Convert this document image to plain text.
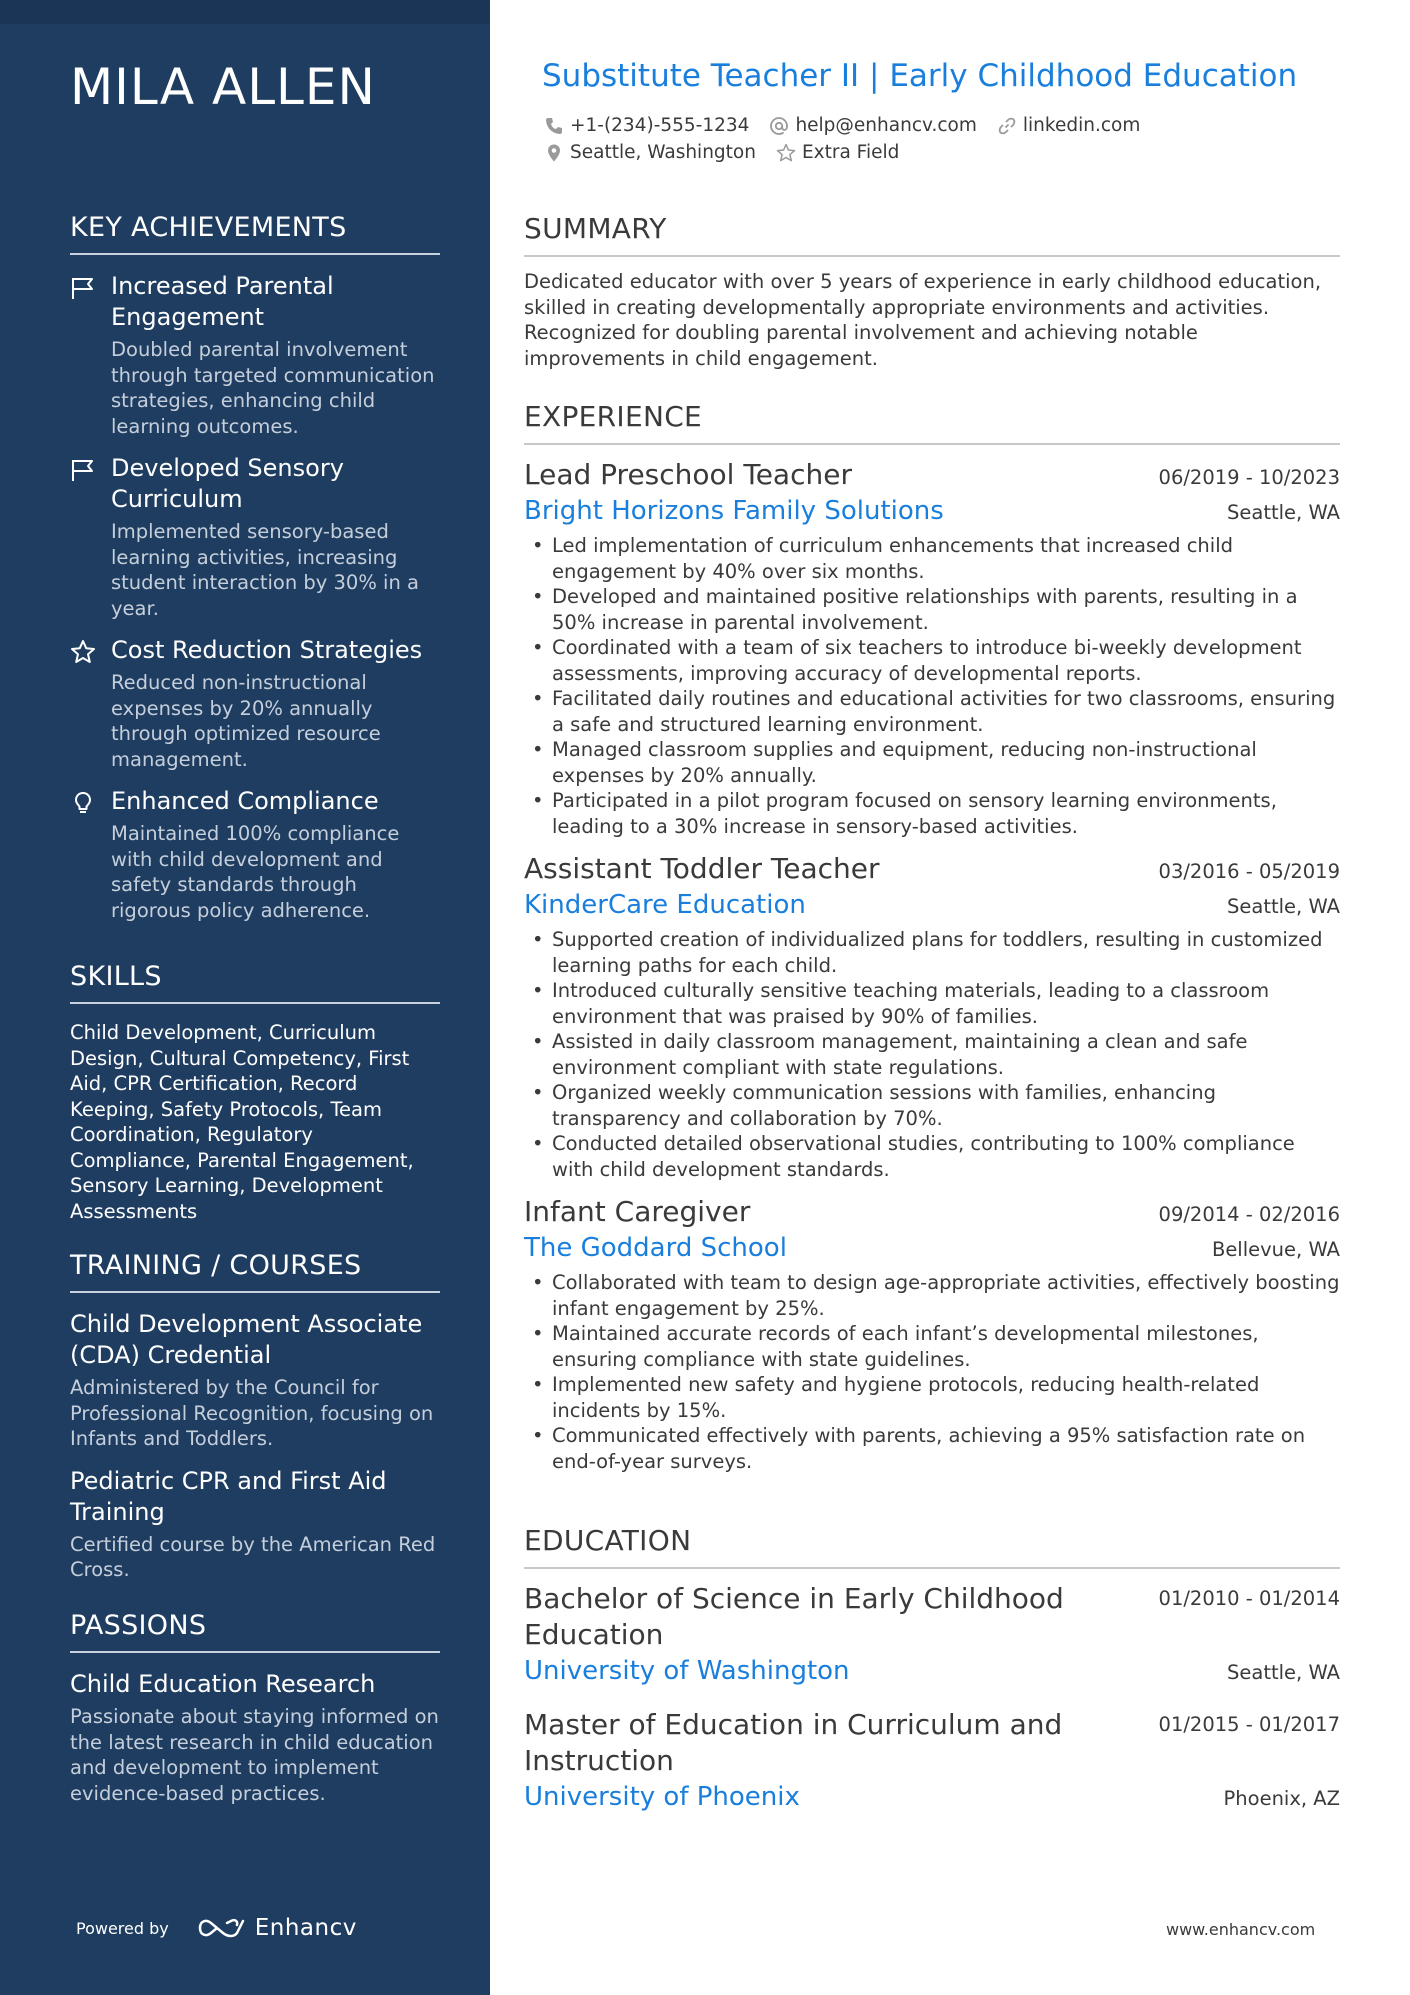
MILA ALLEN
KEY ACHIEVEMENTS
Increased Parental Engagement
Doubled parental involvement through targeted communication strategies, enhancing child learning outcomes.
Developed Sensory Curriculum
Implemented sensory-based learning activities, increasing student interaction by 30% in a year.
Cost Reduction Strategies
Reduced non-instructional expenses by 20% annually through optimized resource management.
Enhanced Compliance
Maintained 100% compliance with child development and safety standards through rigorous policy adherence.
SKILLS
Child Development, Curriculum Design, Cultural Competency, First Aid, CPR Certification, Record Keeping, Safety Protocols, Team Coordination, Regulatory Compliance, Parental Engagement, Sensory Learning, Development Assessments
TRAINING / COURSES
Child Development Associate (CDA) Credential
Administered by the Council for Professional Recognition, focusing on Infants and Toddlers.
Pediatric CPR and First Aid Training
Certified course by the American Red Cross.
PASSIONS
Child Education Research
Passionate about staying informed on the latest research in child education and development to implement evidence-based practices.
Powered by	Enhancv
Substitute Teacher II | Early Childhood Education
+1-(234)-555-1234 help@enhancv.com linkedin.com
Seattle, Washington Extra Field
SUMMARY
Dedicated educator with over 5 years of experience in early childhood education, skilled in creating developmentally appropriate environments and activities. Recognized for doubling parental involvement and achieving notable improvements in child engagement.
EXPERIENCE
Lead Preschool Teacher	06/2019 - 10/2023
Bright Horizons Family Solutions	Seattle, WA
• Led implementation of curriculum enhancements that increased child engagement by 40% over six months.
• Developed and maintained positive relationships with parents, resulting in a 50% increase in parental involvement.
• Coordinated with a team of six teachers to introduce bi-weekly development assessments, improving accuracy of developmental reports.
• Facilitated daily routines and educational activities for two classrooms, ensuring a safe and structured learning environment.
• Managed classroom supplies and equipment, reducing non-instructional expenses by 20% annually.
• Participated in a pilot program focused on sensory learning environments, leading to a 30% increase in sensory-based activities.
Assistant Toddler Teacher	03/2016 - 05/2019
KinderCare Education	Seattle, WA
• Supported creation of individualized plans for toddlers, resulting in customized learning paths for each child.
• Introduced culturally sensitive teaching materials, leading to a classroom environment that was praised by 90% of families.
• Assisted in daily classroom management, maintaining a clean and safe environment compliant with state regulations.
• Organized weekly communication sessions with families, enhancing transparency and collaboration by 70%.
• Conducted detailed observational studies, contributing to 100% compliance with child development standards.
Infant Caregiver	09/2014 - 02/2016
The Goddard School	Bellevue, WA
• Collaborated with team to design age-appropriate activities, effectively boosting infant engagement by 25%.
• Maintained accurate records of each infant’s developmental milestones, ensuring compliance with state guidelines.
• Implemented new safety and hygiene protocols, reducing health-related incidents by 15%.
• Communicated effectively with parents, achieving a 95% satisfaction rate on end-of-year surveys.
EDUCATION
Bachelor of Science in Early Childhood Education
01/2010 - 01/2014
University of Washington	Seattle, WA
Master of Education in Curriculum and Instruction
01/2015 - 01/2017
University of Phoenix	Phoenix, AZ
www.enhancv.com
